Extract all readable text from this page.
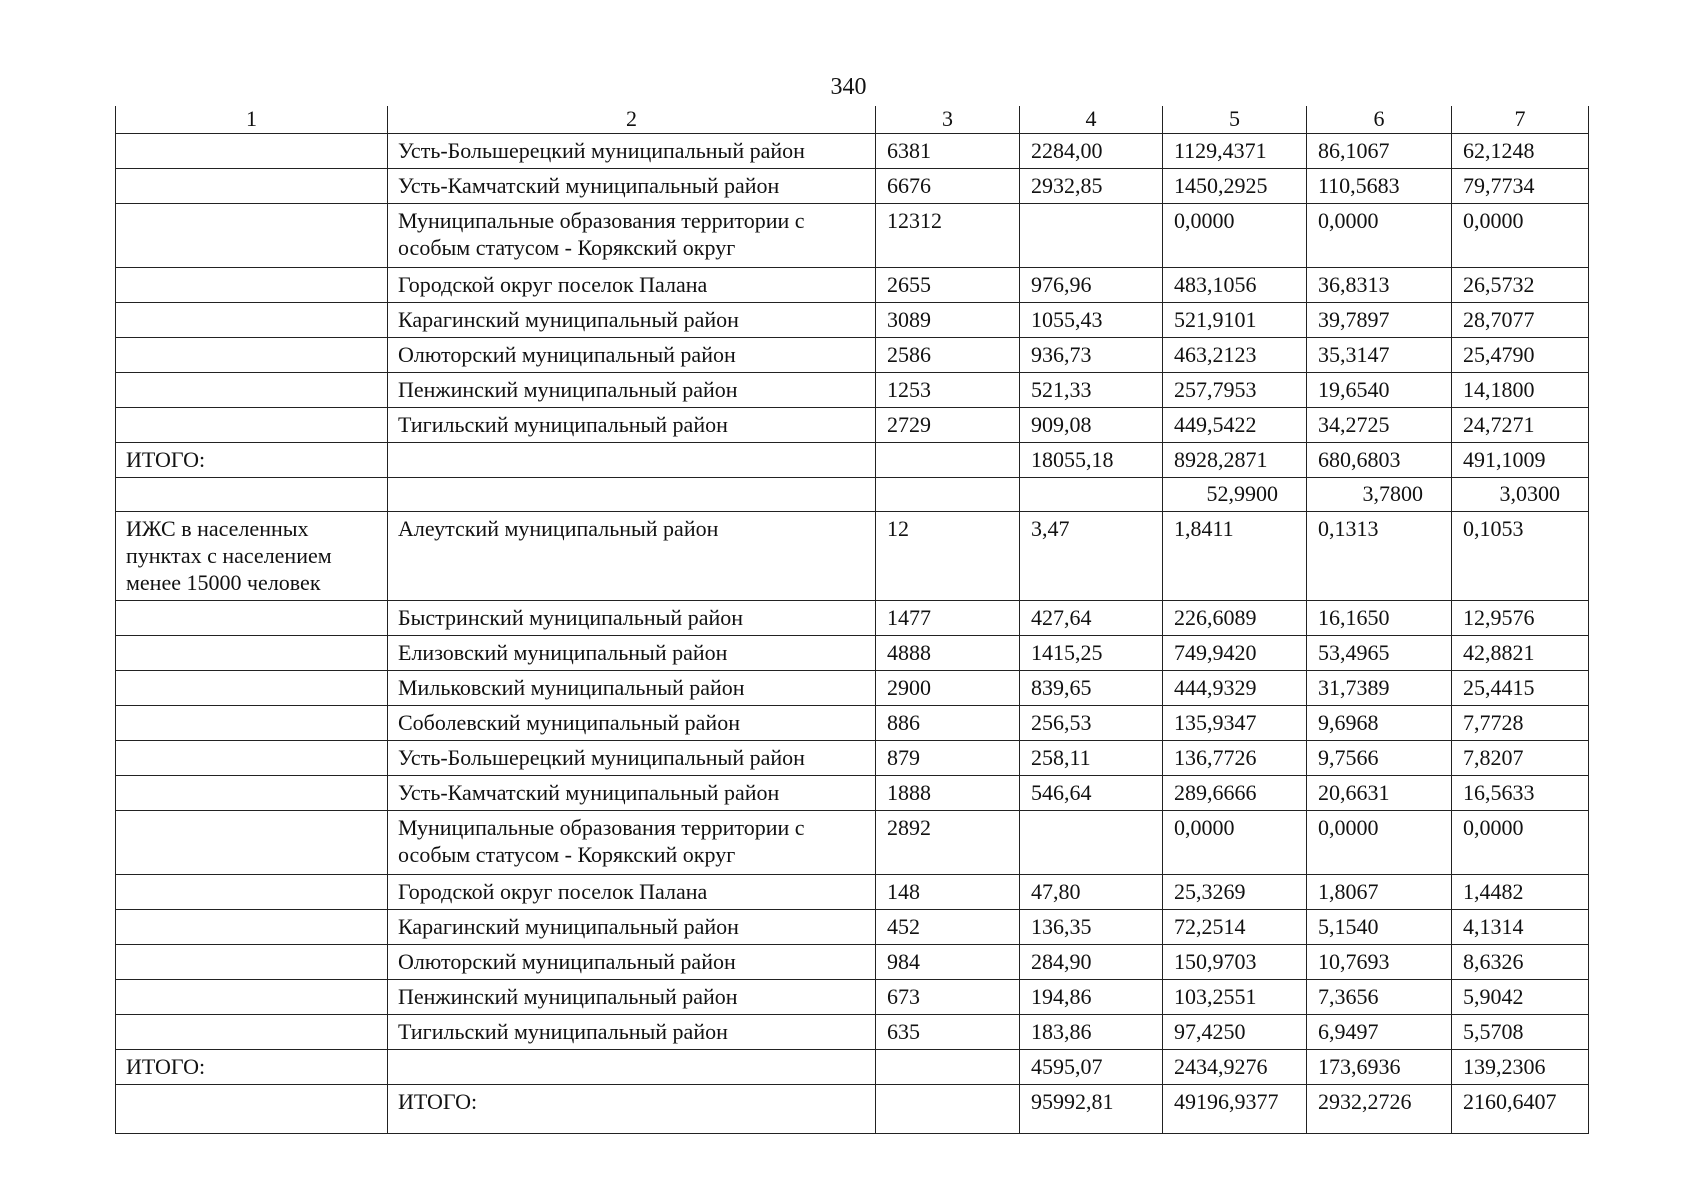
340
1	2	3	4	5	6	7
	Усть-Большерецкий муниципальный район	6381	2284,00	1129,4371	86,1067	62,1248
	Усть-Камчатский муниципальный район	6676	2932,85	1450,2925	110,5683	79,7734
	Муниципальные образования территории с особым статусом - Корякский округ	12312		0,0000	0,0000	0,0000
	Городской округ поселок Палана	2655	976,96	483,1056	36,8313	26,5732
	Карагинский муниципальный район	3089	1055,43	521,9101	39,7897	28,7077
	Олюторский муниципальный район	2586	936,73	463,2123	35,3147	25,4790
	Пенжинский муниципальный район	1253	521,33	257,7953	19,6540	14,1800
	Тигильский муниципальный район	2729	909,08	449,5422	34,2725	24,7271
ИТОГО:			18055,18	8928,2871	680,6803	491,1009
				52,9900	3,7800	3,0300
ИЖС в населенных пунктах с населением менее 15000 человек	Алеутский муниципальный район	12	3,47	1,8411	0,1313	0,1053
	Быстринский муниципальный район	1477	427,64	226,6089	16,1650	12,9576
	Елизовский муниципальный район	4888	1415,25	749,9420	53,4965	42,8821
	Мильковский муниципальный район	2900	839,65	444,9329	31,7389	25,4415
	Соболевский муниципальный район	886	256,53	135,9347	9,6968	7,7728
	Усть-Большерецкий муниципальный район	879	258,11	136,7726	9,7566	7,8207
	Усть-Камчатский муниципальный район	1888	546,64	289,6666	20,6631	16,5633
	Муниципальные образования территории с особым статусом - Корякский округ	2892		0,0000	0,0000	0,0000
	Городской округ поселок Палана	148	47,80	25,3269	1,8067	1,4482
	Карагинский муниципальный район	452	136,35	72,2514	5,1540	4,1314
	Олюторский муниципальный район	984	284,90	150,9703	10,7693	8,6326
	Пенжинский муниципальный район	673	194,86	103,2551	7,3656	5,9042
	Тигильский муниципальный район	635	183,86	97,4250	6,9497	5,5708
ИТОГО:			4595,07	2434,9276	173,6936	139,2306
	ИТОГО:		95992,81	49196,9377	2932,2726	2160,6407
